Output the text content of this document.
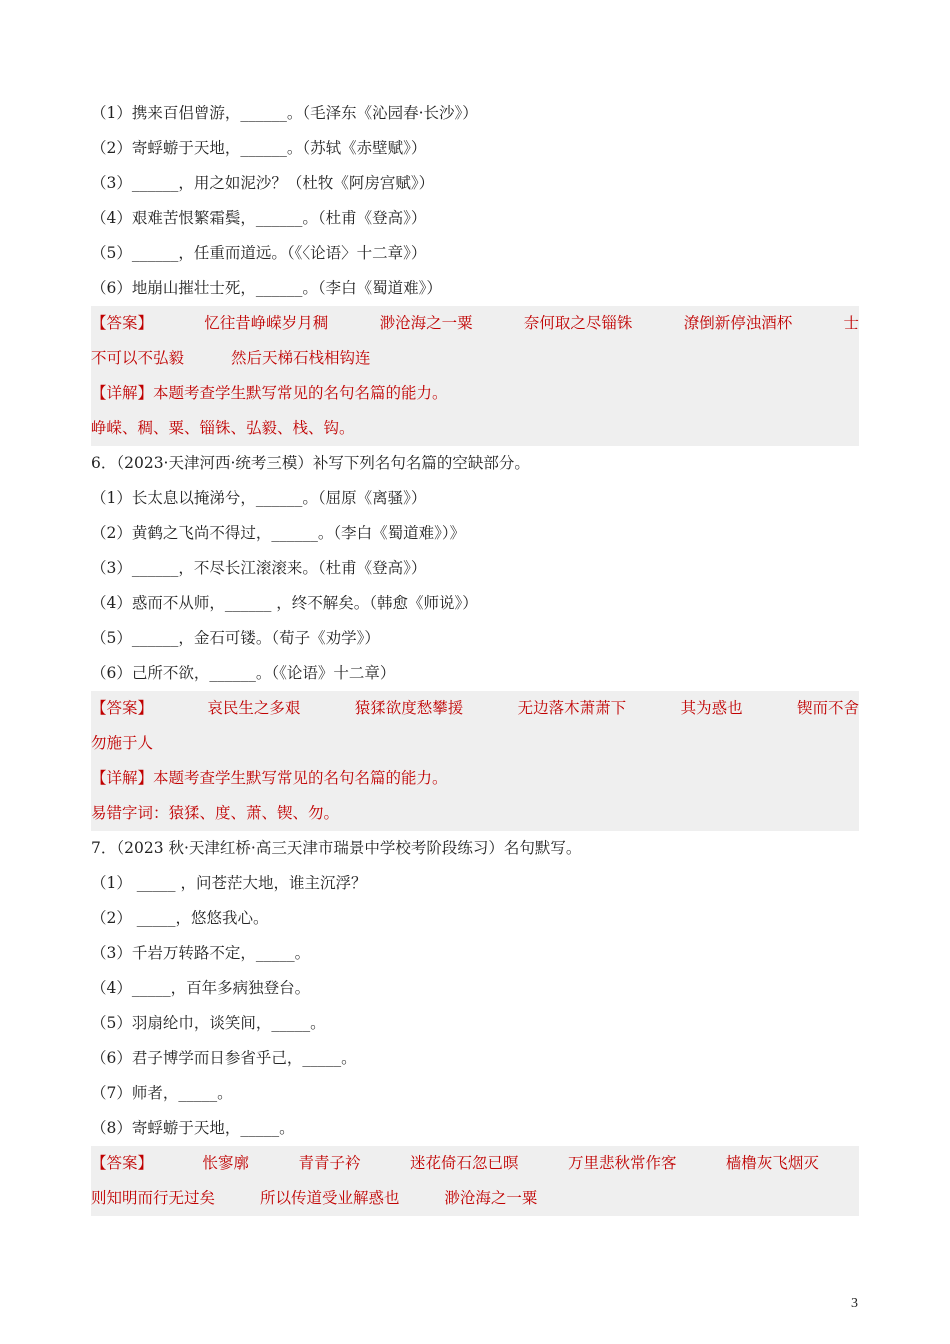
（1）携来百侣曾游，______。（毛泽东《沁园春·长沙》）
（2）寄蜉蝣于天地，______。（苏轼《赤壁赋》）
（3）______，用之如泥沙？（杜牧《阿房宫赋》）
（4）艰难苦恨繁霜鬓，______。（杜甫《登高》）
（5）______，任重而道远。（《〈论语〉十二章》）
（6）地崩山摧壮士死，______。（李白《蜀道难》）
【答案】	忆往昔峥嵘岁月稠	渺沧海之一粟	奈何取之尽锱铢	潦倒新停浊酒杯	士
不可以不弘毅	然后天梯石栈相钩连
【详解】本题考查学生默写常见的名句名篇的能力。
峥嵘、稠、粟、锱铢、弘毅、栈、钩。
6．（2023·天津河西·统考三模）补写下列名句名篇的空缺部分。
（1）长太息以掩涕兮，______。（屈原《离骚》）
（2）黄鹤之飞尚不得过，______。（李白《蜀道难》）》
（3）______，不尽长江滚滚来。（杜甫《登高》）
（4）惑而不从师，______ ，终不解矣。（韩愈《师说》）
（5）______，金石可镂。（荀子《劝学》）
（6）己所不欲，______。（《论语》十二章）
【答案】	哀民生之多艰	猿猱欲度愁攀援	无边落木萧萧下	其为惑也	锲而不舍
勿施于人
【详解】本题考查学生默写常见的名句名篇的能力。
易错字词：猿猱、度、萧、锲、勿。
7．（2023 秋·天津红桥·高三天津市瑞景中学校考阶段练习）名句默写。
（1） _____ ，问苍茫大地，谁主沉浮？
（2） _____，悠悠我心。
（3）千岩万转路不定，_____。
（4）_____，百年多病独登台。
（5）羽扇纶巾，谈笑间，_____。
（6）君子博学而日参省乎己，_____。
（7）师者，_____。
（8）寄蜉蝣于天地，_____。
【答案】	怅寥廓	青青子衿	迷花倚石忽已暝	万里悲秋常作客	樯橹灰飞烟灭
则知明而行无过矣	所以传道受业解惑也	渺沧海之一粟
3
